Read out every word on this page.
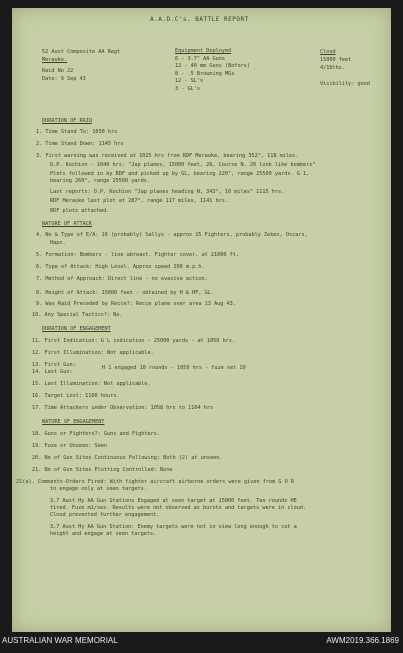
A.A.D.C's. BATTLE REPORT
52 Aust Composite AA Regt
Merauke.
Raid No 22
Date: 9 Sep 43
Equipment Deployed
6 - 3.7" AA Guns
12 - 40 mm Guns (Bofors)
8 - .5 Browning MGs
12 - SL's
3 - GL's
Cloud
15000 feet
4/10ths.
Visibility: good
DURATION OF RAID
1. Time Stand To: 1030 hrs
2. Time Stand Down: 1145 hrs
3. First warning was received at 1025 hrs from RDF Merauke, bearing 352°, 118 miles.
O.P. Kochion - 1040 hrs: "Jap planes, 15000 feet, 26, Course N. 20 look like bombers"
Plots followed in by RDF and picked up by GL, bearing 220°, range 25500 yards. G 1,
bearing 260°, range 25500 yards.
Last reports: O.P. Kochion "Jap planes heading N, 343°, 16 miles" 1115 hrs.
RDF Merauke last plot at 287°, range 117 miles, 1141 hrs.
RDF plots attached.
NATURE OF ATTACK
4. No & Type of E/A: 16 (probably) Sallys - approx 15 Fighters, probably Zekes, Oscars,
Haps.
5. Formation: Bombers - line abreast. Fighter cover, at 21000 ft.
6. Type of Attack: High Level. Approx speed 200 m.p.h.
7. Method of Approach: Direct line - no evasive action.
8. Height of Attack: 15000 feet - obtained by H & HF, GL.
9. Was Raid Preceded by Recce?: Recce plane over area 13 Aug 43.
10. Any Special Tactics?: No.
DURATION OF ENGAGEMENT
11. First Indication: G L indication - 25000 yards - at 1050 hrs.
12. First Illumination: Not applicable.
13. First Gun:
14. Last Gun:
H 1 engaged 10 rounds - 1059 hrs - fuze set 19
15. Last Illumination: Not applicable.
16. Target Lost: 1100 hours.
17. Time Attackers under Observation: 1058 hrs to 1104 hrs
NATURE OF ENGAGEMENT
18. Guns or Fighters?: Guns and Fighters.
19. Fuze or Unseen: Seen
20. No of Gun Sites Continuous Following: Both (2) at unseen.
21. No of Gun Sites Plotting Controlled: None
21(a). Comments-Orders Fired: With fighter aircraft airborne orders were given from G O R
to engage only at seen targets.
3.7 Aust Hy AA Gun Stations Engaged at seen target at 15000 feet. Ten rounds HE
fired. Fuze m1/ses. Results were not observed as bursts and targets were in cloud.
Cloud prevented further engagement.
3.7 Aust Hy AA Gun Station: Enemy targets were not in view long enough to cut a
height and engage at seen targets.
AUSTRALIAN WAR MEMORIAL	AWM2019.366.1869
